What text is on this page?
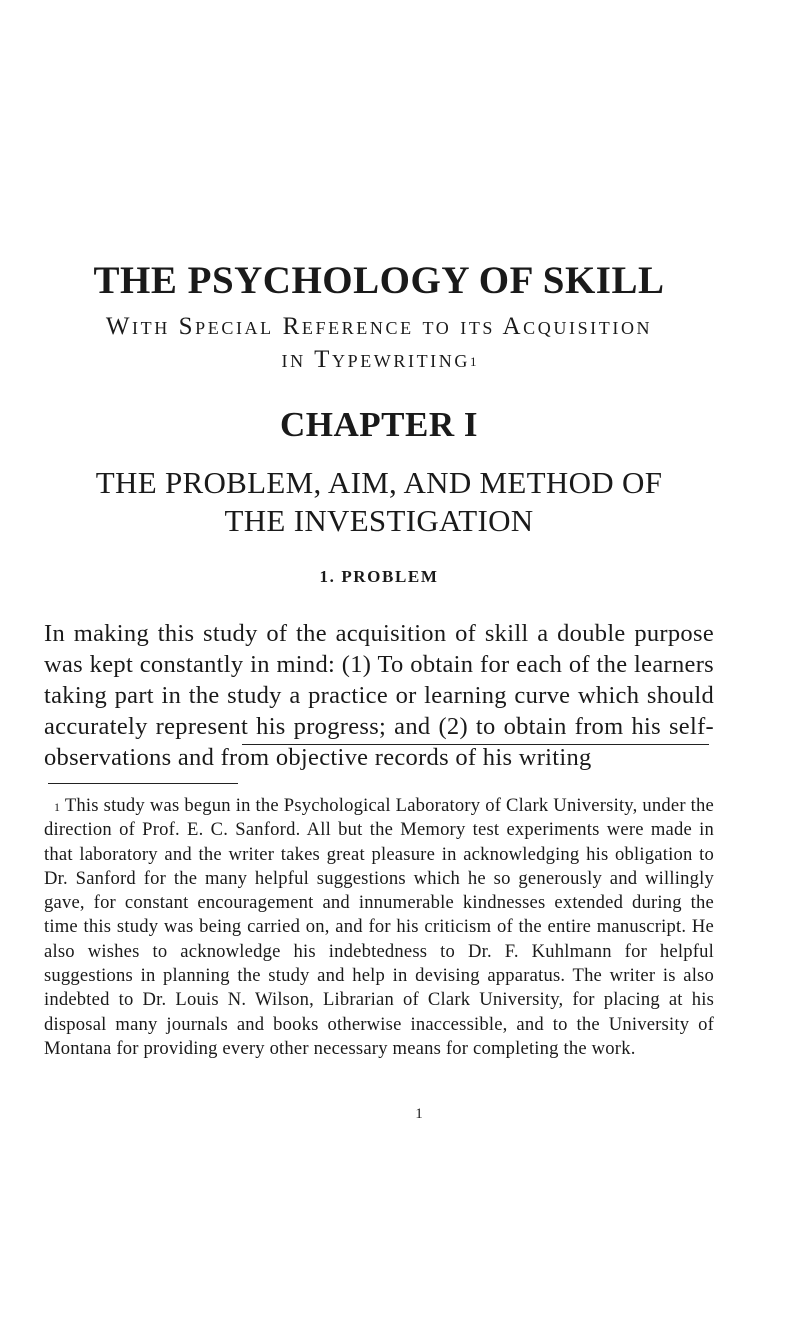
THE PSYCHOLOGY OF SKILL
With Special Reference to its Acquisition
in Typewriting$^1$
CHAPTER I
THE PROBLEM, AIM, AND METHOD OF
THE INVESTIGATION
1. PROBLEM

In making this study of the acquisition of skill a double purpose was kept constantly in mind: (1) To obtain for each of the learners taking part in the study a practice or learning curve which should accurately represent his progress; and (2) to obtain from his self-observations and from objective records of his writing

$^1$ This study was begun in the Psychological Laboratory of Clark University, under the direction of Prof. E. C. Sanford. All but the Memory test experiments were made in that laboratory and the writer takes great pleasure in acknowledging his obligation to Dr. Sanford for the many helpful suggestions which he so generously and willingly gave, for constant encouragement and innumerable kindnesses extended during the time this study was being carried on, and for his criticism of the entire manuscript. He also wishes to acknowledge his indebtedness to Dr. F. Kuhlmann for helpful suggestions in planning the study and help in devising apparatus. The writer is also indebted to Dr. Louis N. Wilson, Librarian of Clark University, for placing at his disposal many journals and books otherwise inaccessible, and to the University of Montana for providing every other necessary means for completing the work.

1
